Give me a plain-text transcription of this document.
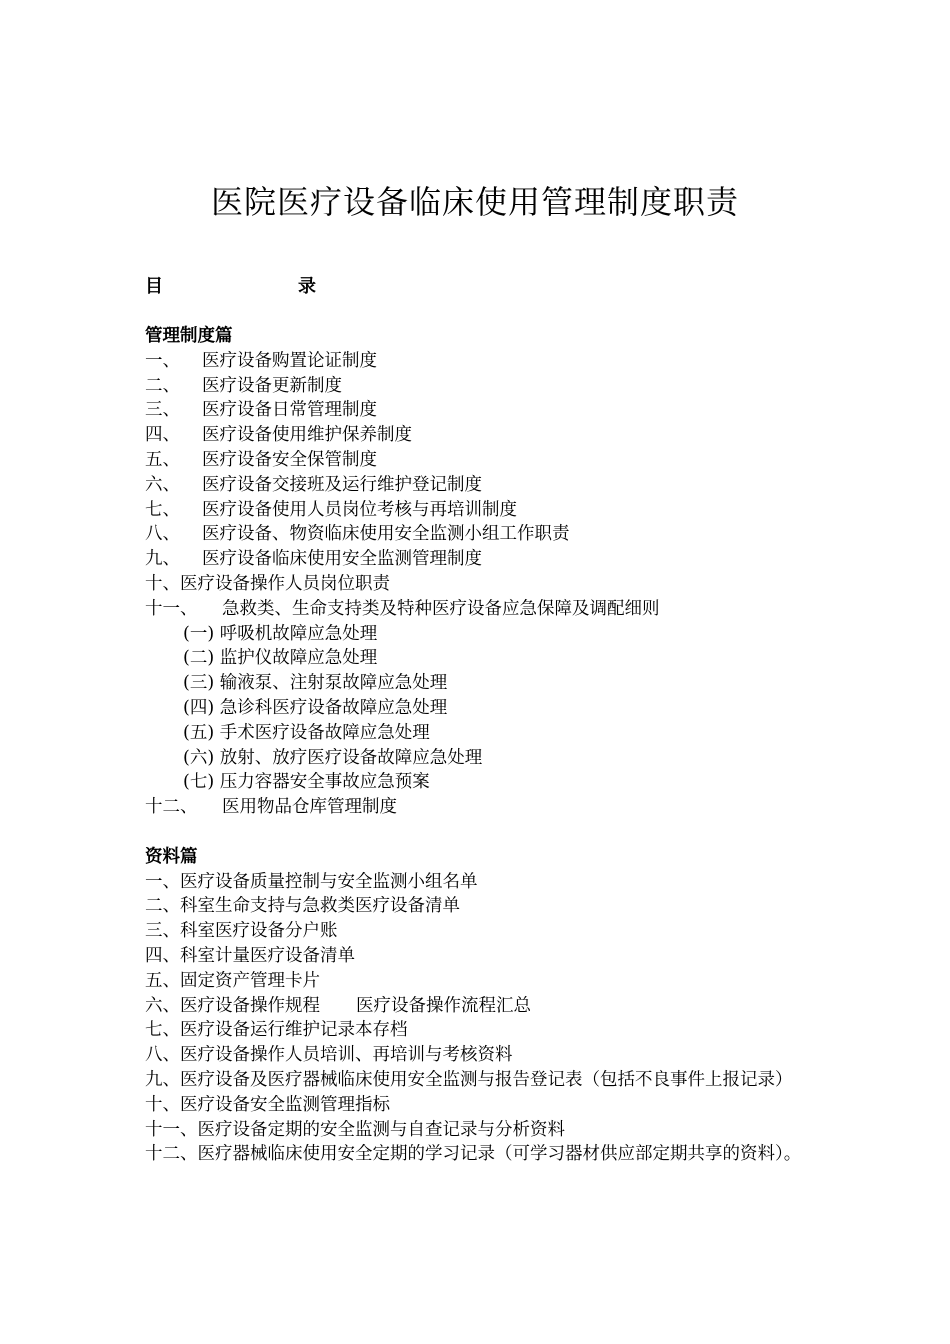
医院医疗设备临床使用管理制度职责
目	录
管理制度篇
一、 医疗设备购置论证制度
二、 医疗设备更新制度
三、 医疗设备日常管理制度
四、 医疗设备使用维护保养制度
五、 医疗设备安全保管制度
六、 医疗设备交接班及运行维护登记制度
七、 医疗设备使用人员岗位考核与再培训制度
八、 医疗设备、物资临床使用安全监测小组工作职责
九、 医疗设备临床使用安全监测管理制度
十、医疗设备操作人员岗位职责
十一、 急救类、生命支持类及特种医疗设备应急保障及调配细则
(一) 呼吸机故障应急处理
(二) 监护仪故障应急处理
(三) 输液泵、注射泵故障应急处理
(四) 急诊科医疗设备故障应急处理
(五) 手术医疗设备故障应急处理
(六) 放射、放疗医疗设备故障应急处理
(七) 压力容器安全事故应急预案
十二、 医用物品仓库管理制度
资料篇
一、医疗设备质量控制与安全监测小组名单
二、科室生命支持与急救类医疗设备清单
三、科室医疗设备分户账
四、科室计量医疗设备清单
五、固定资产管理卡片
六、医疗设备操作规程 医疗设备操作流程汇总
七、医疗设备运行维护记录本存档
八、医疗设备操作人员培训、再培训与考核资料
九、医疗设备及医疗器械临床使用安全监测与报告登记表（包括不良事件上报记录）
十、医疗设备安全监测管理指标
十一、医疗设备定期的安全监测与自查记录与分析资料
十二、医疗器械临床使用安全定期的学习记录（可学习器材供应部定期共享的资料）。
